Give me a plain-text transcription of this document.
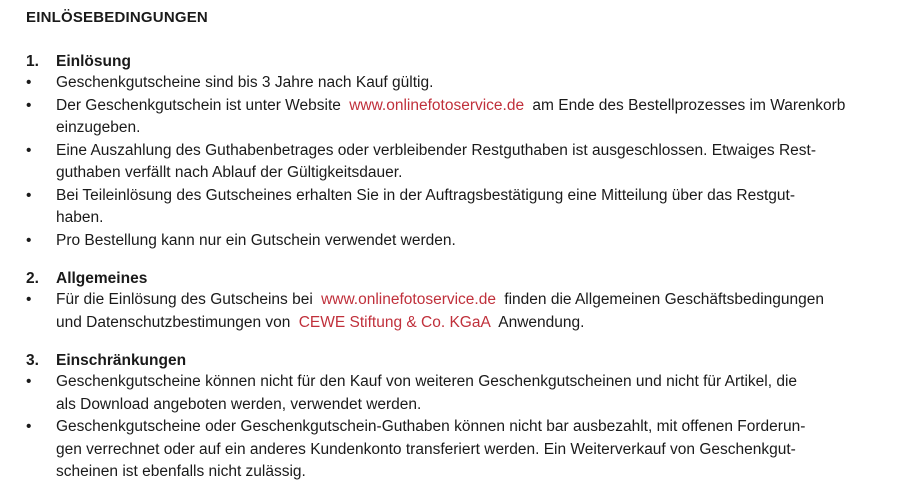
EINLÖSEBEDINGUNGEN
1.	Einlösung
•	Geschenkgutscheine sind bis 3 Jahre nach Kauf gültig.
•	Der Geschenkgutschein ist unter Website www.onlinefotoservice.de am Ende des Bestellprozesses im Warenkorb einzugeben.
•	Eine Auszahlung des Guthabenbetrages oder verbleibender Restguthaben ist ausgeschlossen. Etwaiges Rest-
guthaben verfällt nach Ablauf der Gültigkeitsdauer.
•	Bei Teileinlösung des Gutscheines erhalten Sie in der Auftragsbestätigung eine Mitteilung über das Restgut-
haben.
•	Pro Bestellung kann nur ein Gutschein verwendet werden.
2.	Allgemeines
•	Für die Einlösung des Gutscheins bei www.onlinefotoservice.de finden die Allgemeinen Geschäftsbedingungen und Datenschutzbestimungen von CEWE Stiftung & Co. KGaA Anwendung.
3.	Einschränkungen
•	Geschenkgutscheine können nicht für den Kauf von weiteren Geschenkgutscheinen und nicht für Artikel, die
als Download angeboten werden, verwendet werden.
•	Geschenkgutscheine oder Geschenkgutschein-Guthaben können nicht bar ausbezahlt, mit offenen Forderun-
gen verrechnet oder auf ein anderes Kundenkonto transferiert werden. Ein Weiterverkauf von Geschenkgut-
scheinen ist ebenfalls nicht zulässig.
